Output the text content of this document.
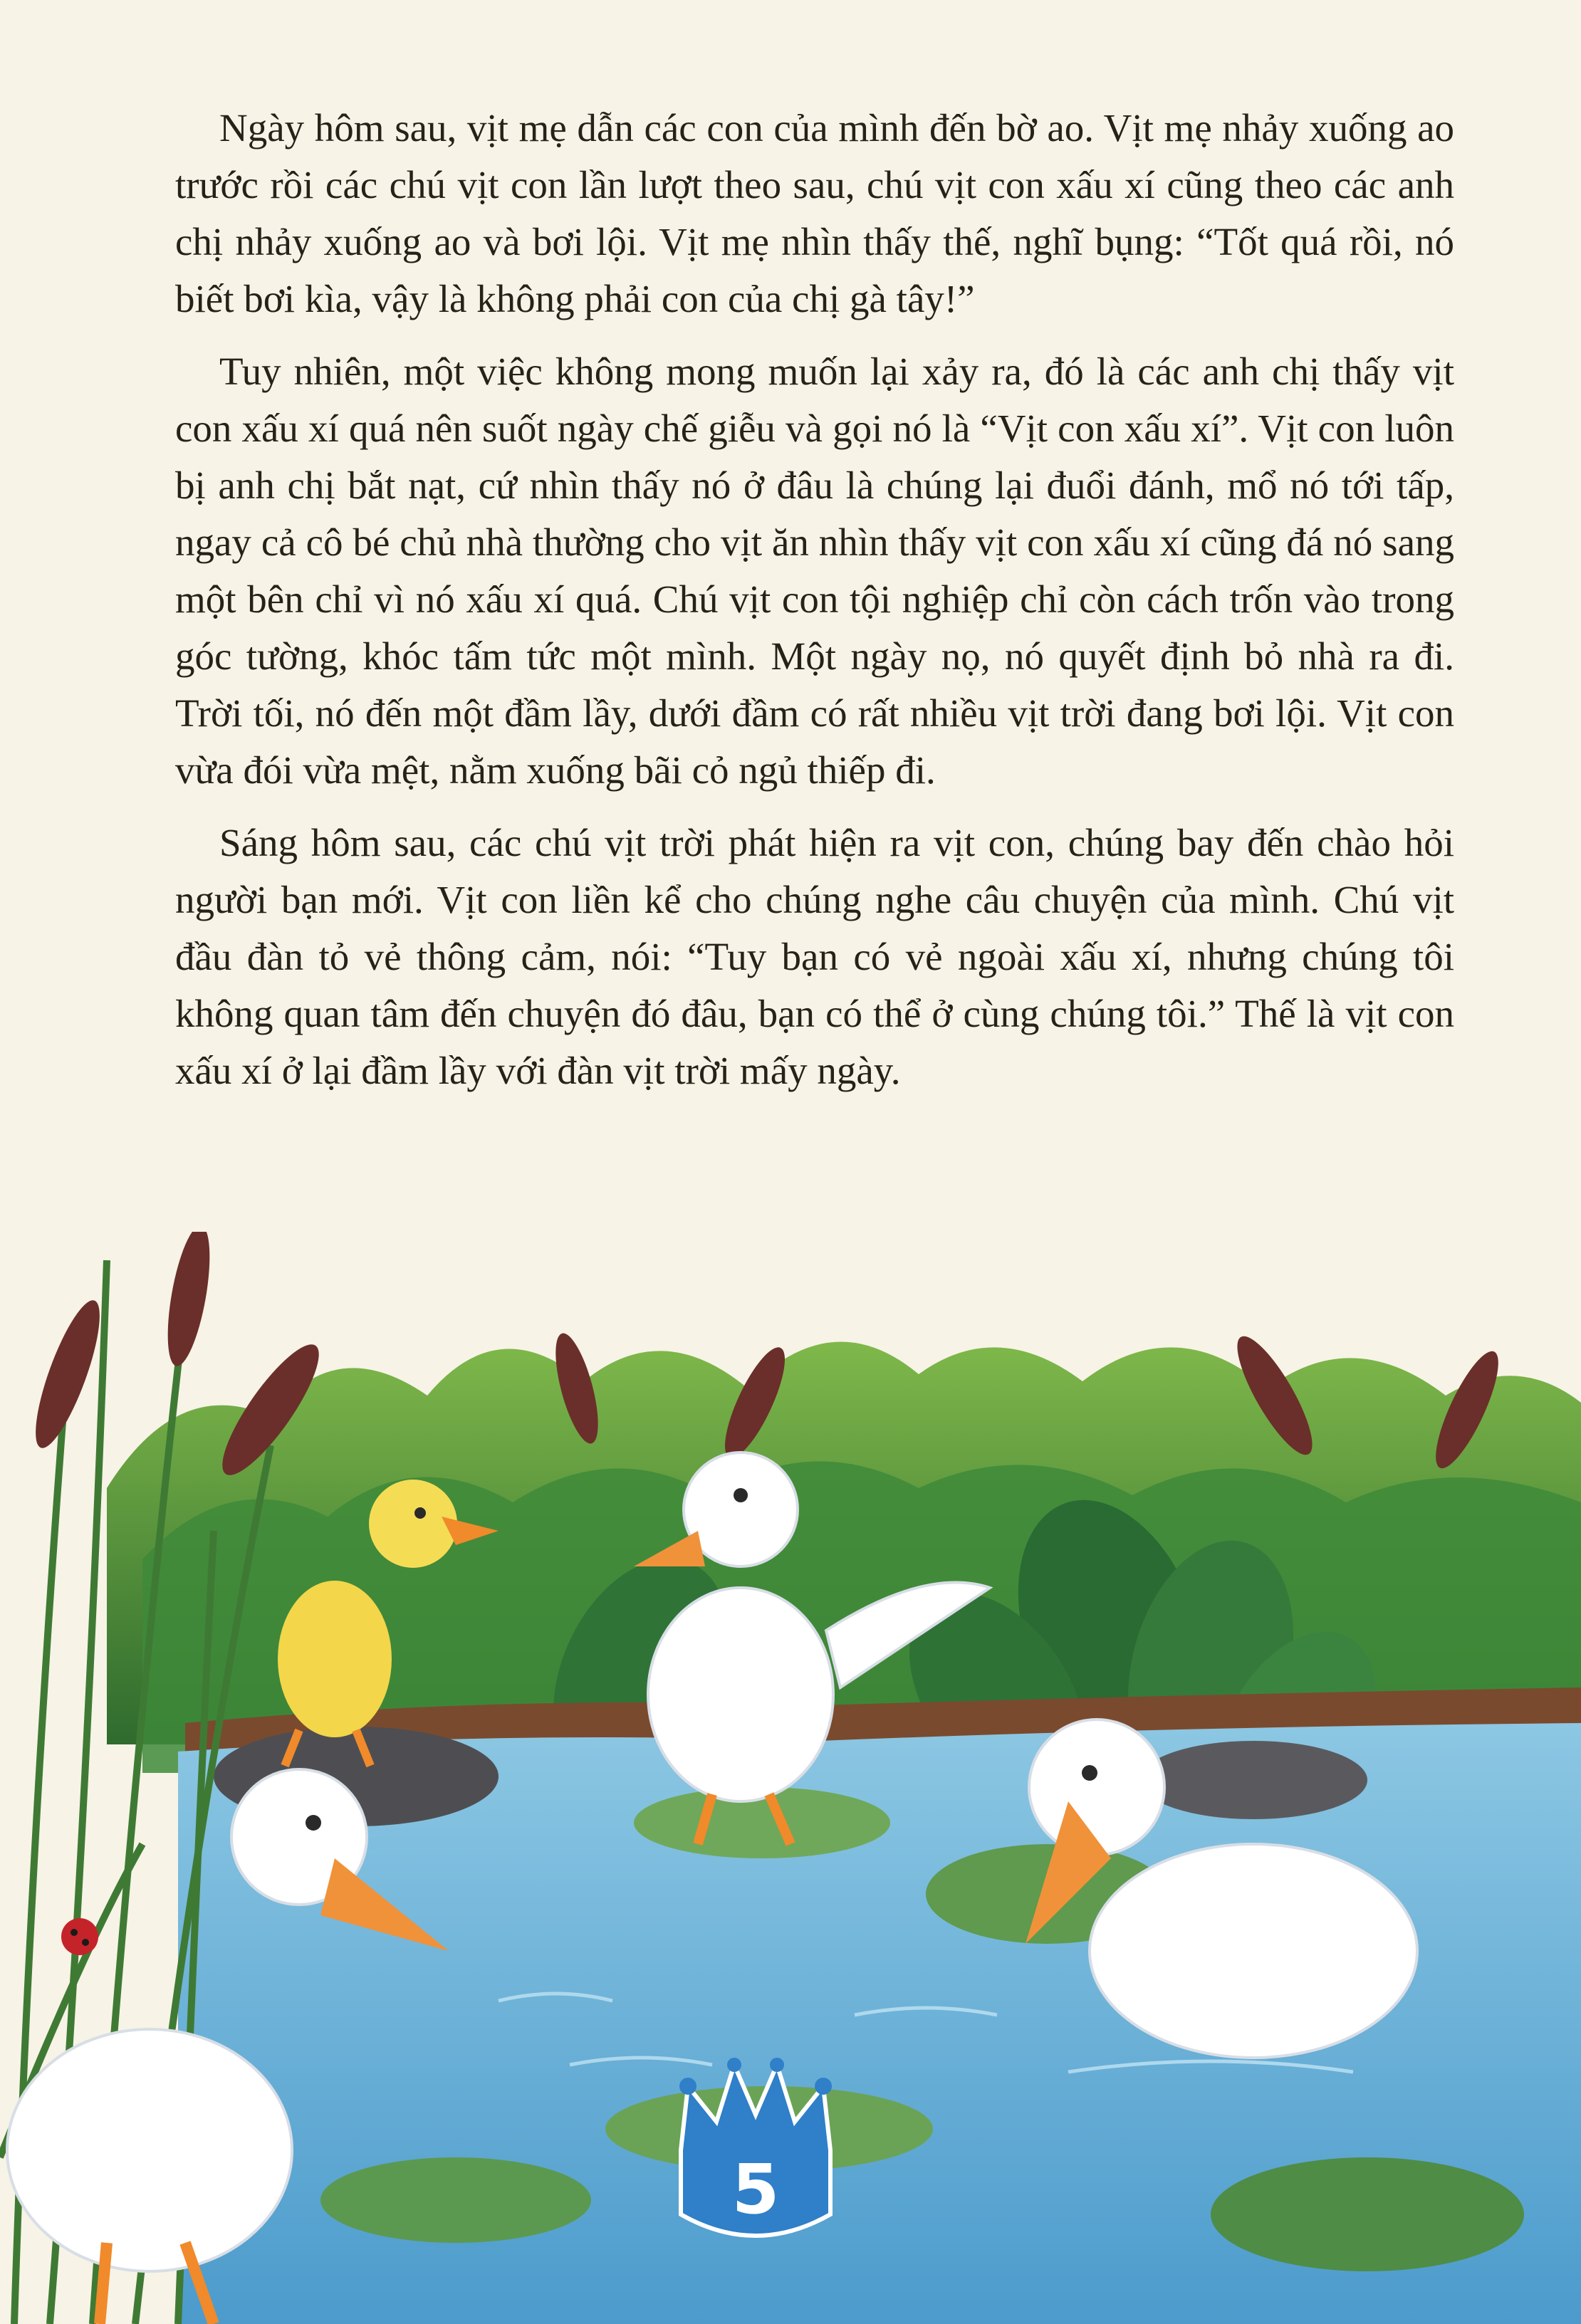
Ngày hôm sau, vịt mẹ dẫn các con của mình đến bờ ao. Vịt mẹ nhảy xuống ao trước rồi các chú vịt con lần lượt theo sau, chú vịt con xấu xí cũng theo các anh chị nhảy xuống ao và bơi lội. Vịt mẹ nhìn thấy thế, nghĩ bụng: “Tốt quá rồi, nó biết bơi kìa, vậy là không phải con của chị gà tây!”

Tuy nhiên, một việc không mong muốn lại xảy ra, đó là các anh chị thấy vịt con xấu xí quá nên suốt ngày chế giễu và gọi nó là “Vịt con xấu xí”. Vịt con luôn bị anh chị bắt nạt, cứ nhìn thấy nó ở đâu là chúng lại đuổi đánh, mổ nó tới tấp, ngay cả cô bé chủ nhà thường cho vịt ăn nhìn thấy vịt con xấu xí cũng đá nó sang một bên chỉ vì nó xấu xí quá. Chú vịt con tội nghiệp chỉ còn cách trốn vào trong góc tường, khóc tấm tức một mình. Một ngày nọ, nó quyết định bỏ nhà ra đi. Trời tối, nó đến một đầm lầy, dưới đầm có rất nhiều vịt trời đang bơi lội. Vịt con vừa đói vừa mệt, nằm xuống bãi cỏ ngủ thiếp đi.

Sáng hôm sau, các chú vịt trời phát hiện ra vịt con, chúng bay đến chào hỏi người bạn mới. Vịt con liền kể cho chúng nghe câu chuyện của mình. Chú vịt đầu đàn tỏ vẻ thông cảm, nói: “Tuy bạn có vẻ ngoài xấu xí, nhưng chúng tôi không quan tâm đến chuyện đó đâu, bạn có thể ở cùng chúng tôi.” Thế là vịt con xấu xí ở lại đầm lầy với đàn vịt trời mấy ngày.

5
